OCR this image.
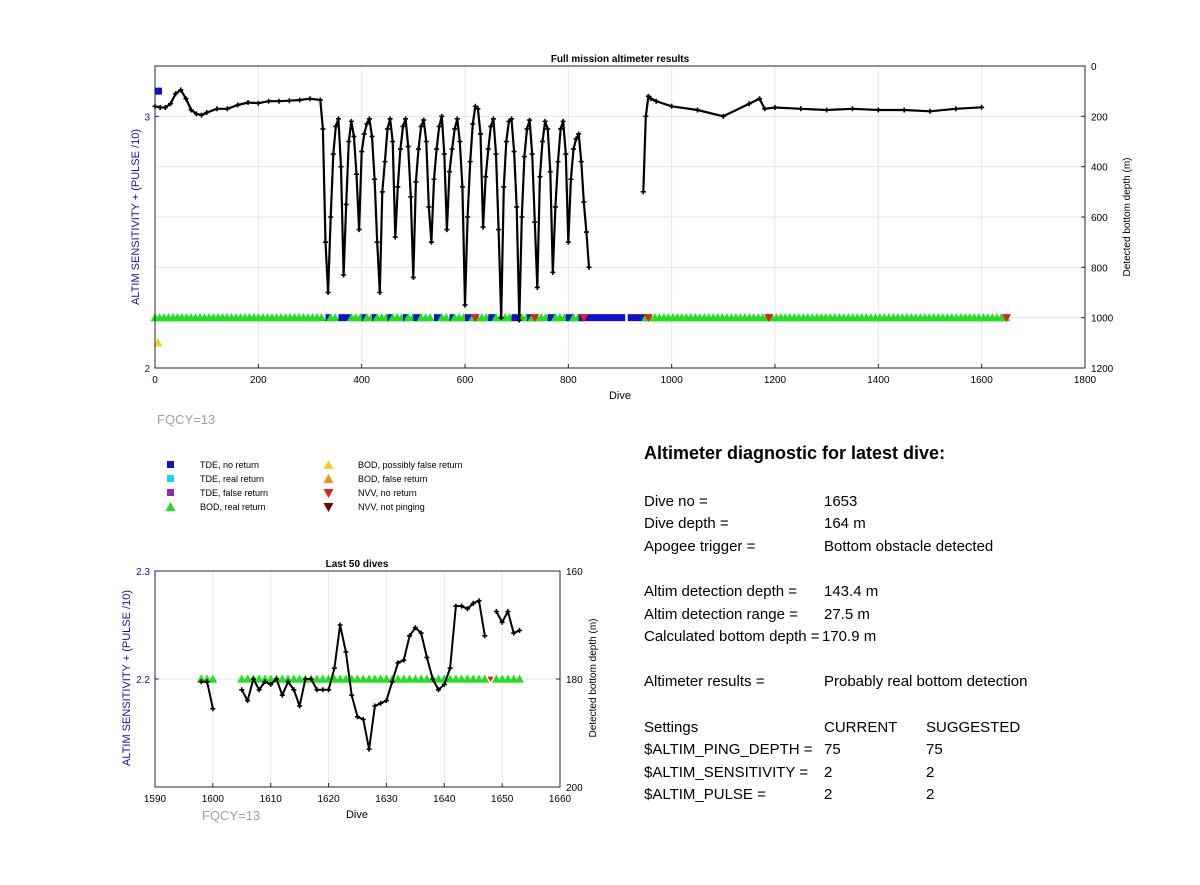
0	200	400	600	800	1000	1200	1400	1600	1800
0
200
400
600
800
1000
1200
2
3
Full mission altimeter results
Dive
ALTIM SENSITIVITY + (PULSE /10)	Detected bottom depth (m)
FQCY=13
TDE, no return
TDE, real return
TDE, false return
BOD, real return
BOD, possibly false return
BOD, false return
NVV, no return
NVV, not pinging
1590	1600	1610	1620	1630	1640	1650	1660
160
180
200
2.3
2.2
Last 50 dives
Dive
ALTIM SENSITIVITY + (PULSE /10)	Detected bottom depth (m)
FQCY=13
Altimeter diagnostic for latest dive:
Dive no =	1653
Dive depth =	164 m
Apogee trigger =	Bottom obstacle detected
Altim detection depth = 143.4 m
Altim detection range = 27.5 m
Calculated bottom depth = 170.9 m
Altimeter results =	Probably real bottom detection
Settings	CURRENT SUGGESTED
$ALTIM_PING_DEPTH = 75	75
$ALTIM_SENSITIVITY = 2	2
$ALTIM_PULSE =	2	2
